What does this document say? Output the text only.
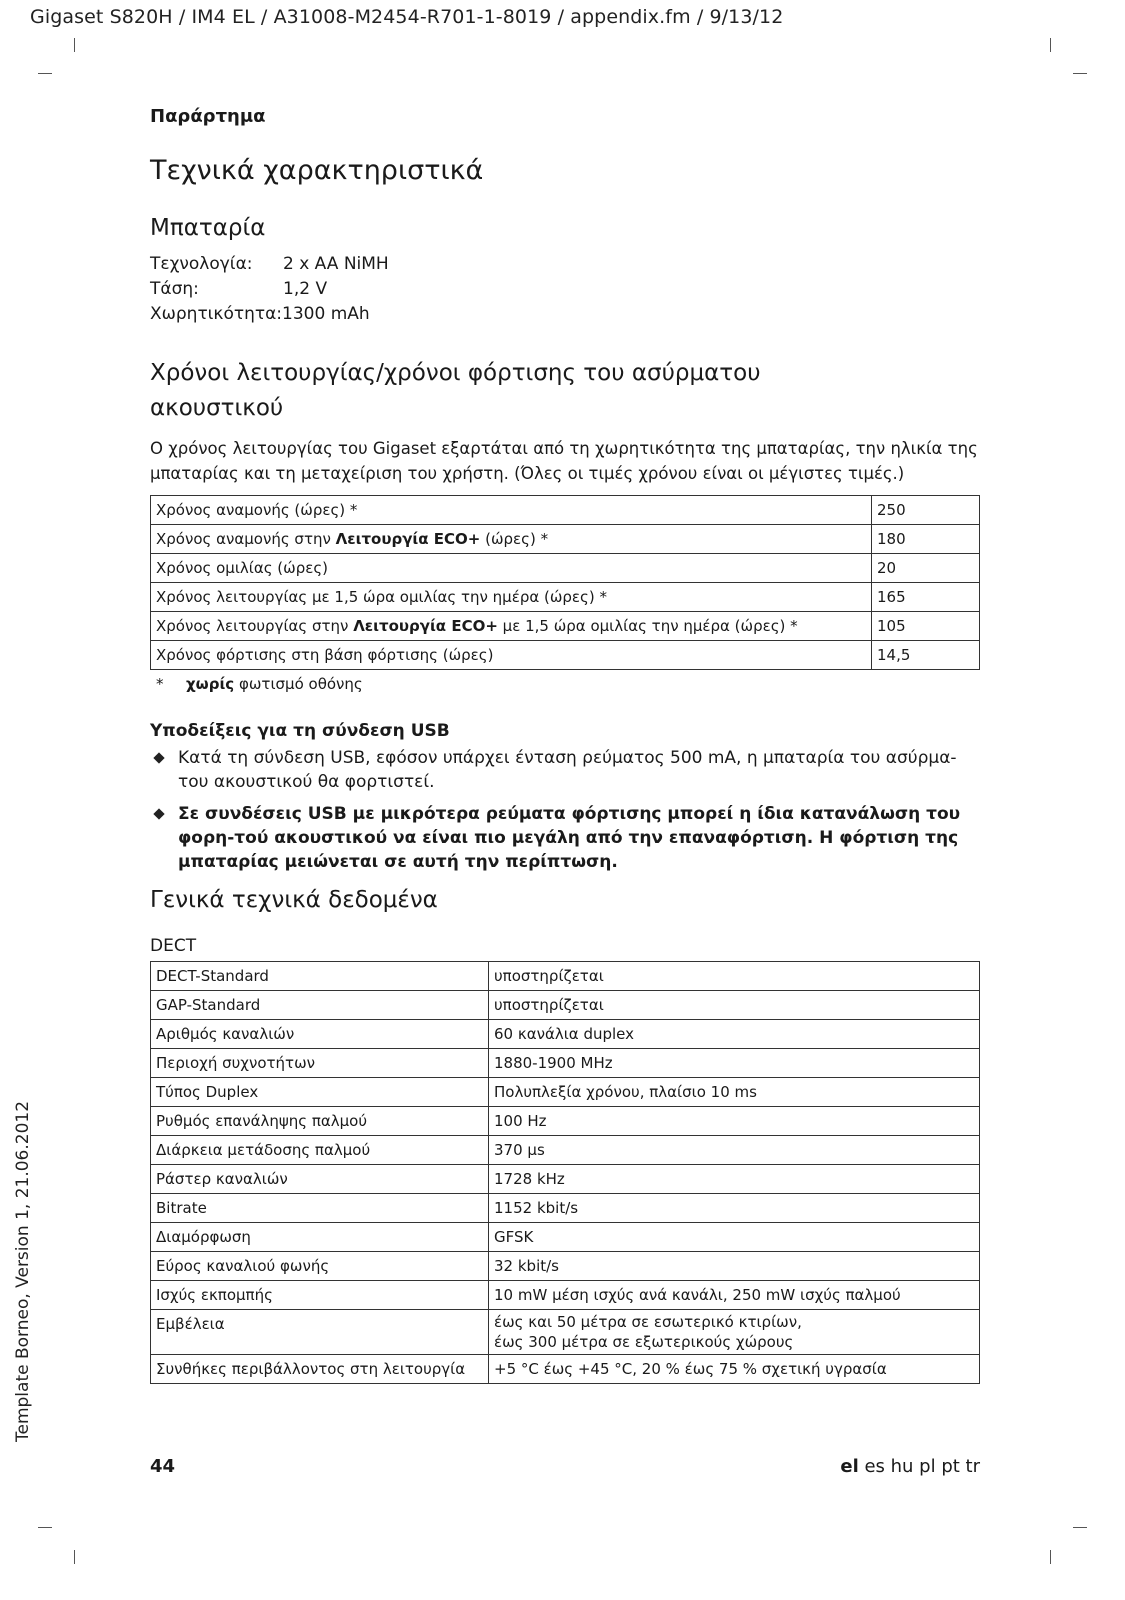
Gigaset S820H / IM4 EL / A31008-M2454-R701-1-8019 / appendix.fm / 9/13/12
Παράρτημα
Τεχνικά χαρακτηριστικά
Μπαταρία
Τεχνολογία: 2 x AA NiMH
Τάση:	1,2 V
Χωρητικότητα:1300 mAh
Χρόνοι λειτουργίας/χρόνοι φόρτισης του ασύρματου
ακουστικού
Ο χρόνος λειτουργίας του Gigaset εξαρτάται από τη χωρητικότητα της μπαταρίας, την ηλικία της μπαταρίας και τη μεταχείριση του χρήστη. (Όλες οι τιμές χρόνου είναι οι μέγιστες τιμές.)
Χρόνος αναμονής (ώρες) *	250
Χρόνος αναμονής στην Λειτουργία ECO+ (ώρες) *	180
Χρόνος ομιλίας (ώρες)	20
Χρόνος λειτουργίας με 1,5 ώρα ομιλίας την ημέρα (ώρες) *	165
Χρόνος λειτουργίας στην Λειτουργία ECO+ με 1,5 ώρα ομιλίας την ημέρα (ώρες) *	105
Χρόνος φόρτισης στη βάση φόρτισης (ώρες)	14,5
* χωρίς φωτισμό οθόνης
Υποδείξεις για τη σύνδεση USB
Κατά τη σύνδεση USB, εφόσον υπάρχει ένταση ρεύματος 500 mA, η μπαταρία του ασύρμα-του ακουστικού θα φορτιστεί.
Σε συνδέσεις USB με μικρότερα ρεύματα φόρτισης μπορεί η ίδια κατανάλωση του φορη-τού ακουστικού να είναι πιο μεγάλη από την επαναφόρτιση. Η φόρτιση της μπαταρίας μειώνεται σε αυτή την περίπτωση.
Γενικά τεχνικά δεδομένα
DECT
DECT-Standard	υποστηρίζεται
GAP-Standard	υποστηρίζεται
Αριθμός καναλιών	60 κανάλια duplex
Περιοχή συχνοτήτων	1880-1900 MHz
Τύπος Duplex	Πολυπλεξία χρόνου, πλαίσιο 10 ms
Ρυθμός επανάληψης παλμού	100 Hz
Διάρκεια μετάδοσης παλμού	370 µs
Ράστερ καναλιών	1728 kHz
Bitrate	1152 kbit/s
Διαμόρφωση	GFSK
Εύρος καναλιού φωνής	32 kbit/s
Ισχύς εκπομπής	10 mW μέση ισχύς ανά κανάλι, 250 mW ισχύς παλμού
Εμβέλεια	έως και 50 μέτρα σε εσωτερικό κτιρίων,
έως 300 μέτρα σε εξωτερικούς χώρους

Συνθήκες περιβάλλοντος στη λειτουργία	+5 °C έως +45 °C, 20 % έως 75 % σχετική υγρασία
44	el es hu pl pt tr
Template Borneo, Version 1, 21.06.2012
